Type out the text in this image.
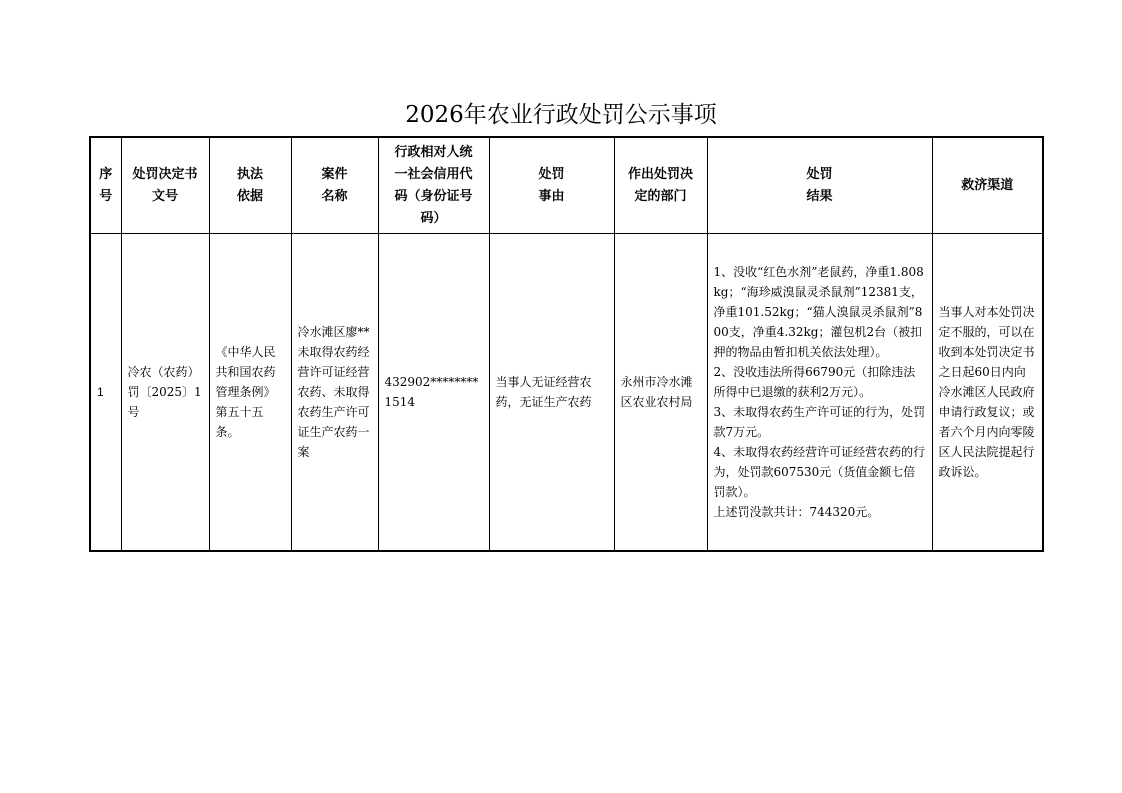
2026年农业行政处罚公示事项
序
号	处罚决定书
文号	执法
依据	案件
名称	行政相对人统
一社会信用代
码（身份证号
码）	处罚
事由	作出处罚决
定的部门	处罚
结果	救济渠道

1	冷农（农药）罚〔2025〕1号	《中华人民共和国农药管理条例》第五十五条。	冷水滩区廖**未取得农药经营许可证经营农药、未取得农药生产许可证生产农药一案	432902********1514	当事人无证经营农药，无证生产农药	永州市冷水滩区农业农村局	1、没收“红色水剂”老鼠药，净重1.808kg；“海珍威溴鼠灵杀鼠剂”12381支，净重101.52kg；“猫人溴鼠灵杀鼠剂”800支，净重4.32kg；灌包机2台（被扣押的物品由暂扣机关依法处理）。
2、没收违法所得66790元（扣除违法所得中已退缴的获利2万元）。
3、未取得农药生产许可证的行为，处罚款7万元。
4、未取得农药经营许可证经营农药的行为，处罚款607530元（货值金额七倍罚款）。
上述罚没款共计：744320元。	当事人对本处罚决定不服的，可以在收到本处罚决定书之日起60日内向冷水滩区人民政府申请行政复议；或者六个月内向零陵区人民法院提起行政诉讼。
